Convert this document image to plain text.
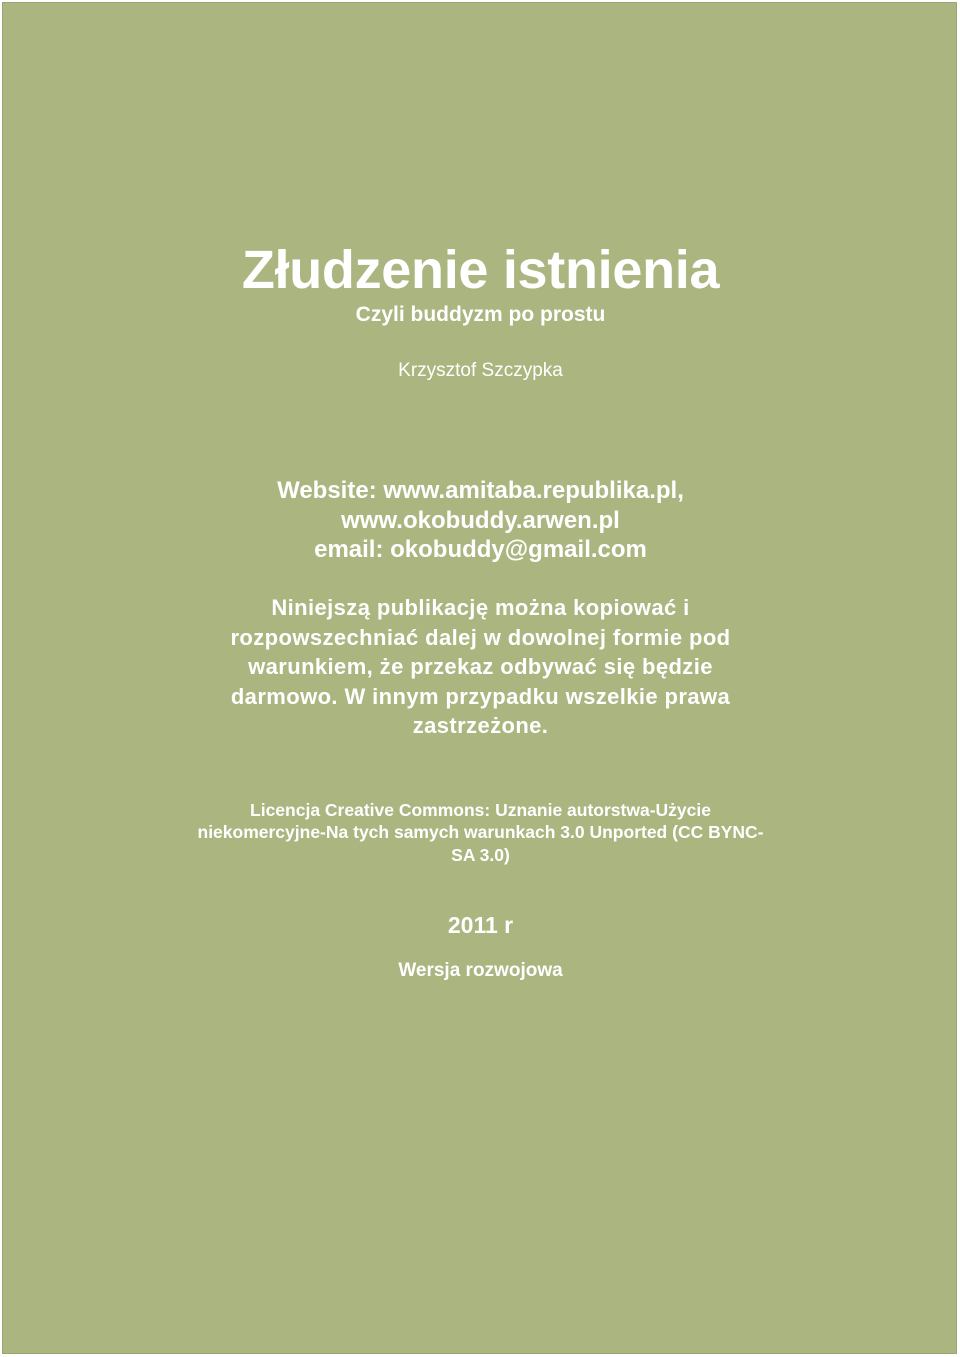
Złudzenie istnienia
Czyli buddyzm po prostu
Krzysztof Szczypka
Website: www.amitaba.republika.pl,
www.okobuddy.arwen.pl
email: okobuddy@gmail.com
Niniejszą publikację można kopiować i
rozpowszechniać dalej w dowolnej formie pod
warunkiem, że przekaz odbywać się będzie
darmowo. W innym przypadku wszelkie prawa
zastrzeżone.
Licencja Creative Commons: Uznanie autorstwa-Użycie
niekomercyjne-Na tych samych warunkach 3.0 Unported (CC BYNC-
SA 3.0)
2011 r
Wersja rozwojowa
